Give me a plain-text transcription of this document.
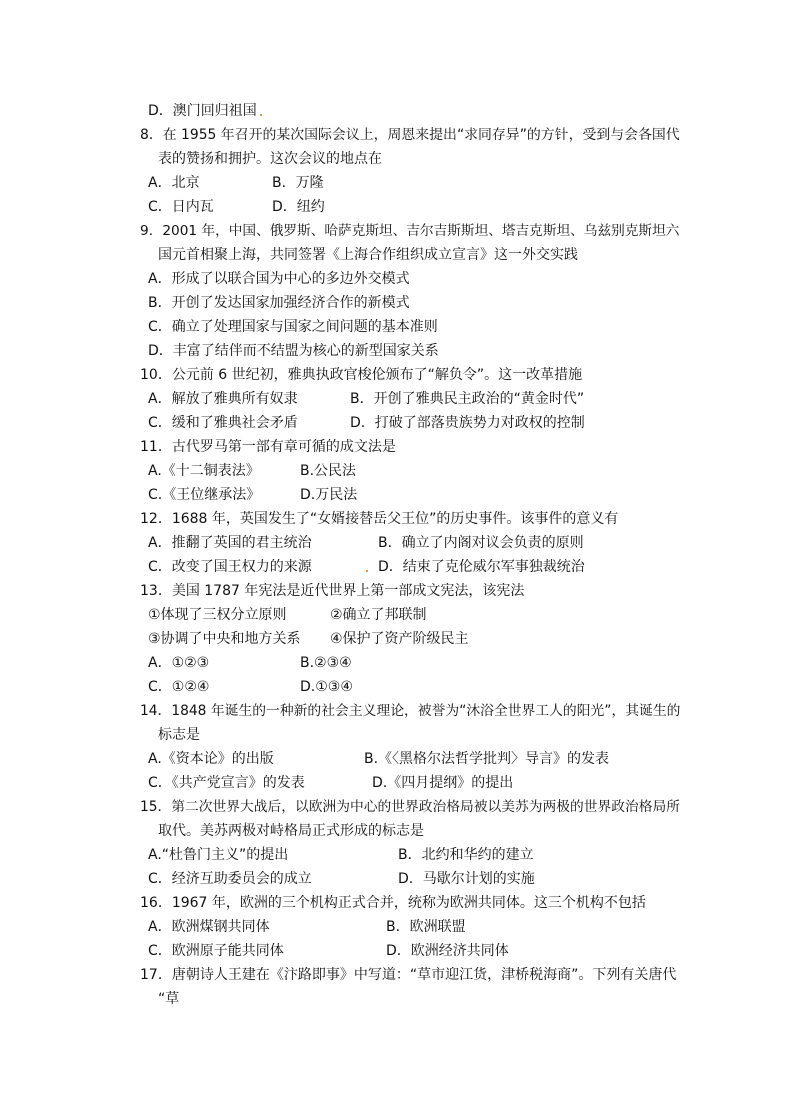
D．澳门回归祖国
8．在 1955 年召开的某次国际会议上，周恩来提出“求同存异”的方针，受到与会各国代
表的赞扬和拥护。这次会议的地点在
A．北京	B．万隆
C．日内瓦	D．纽约
9．2001 年，中国、俄罗斯、哈萨克斯坦、吉尔吉斯斯坦、塔吉克斯坦、乌兹别克斯坦六
国元首相聚上海，共同签署《上海合作组织成立宣言》这一外交实践
A．形成了以联合国为中心的多边外交模式
B．开创了发达国家加强经济合作的新模式
C．确立了处理国家与国家之间问题的基本准则
D．丰富了结伴而不结盟为核心的新型国家关系
10．公元前 6 世纪初，雅典执政官梭伦颁布了“解负令”。这一改革措施
A．解放了雅典所有奴隶	B．开创了雅典民主政治的“黄金时代”
C．缓和了雅典社会矛盾	D．打破了部落贵族势力对政权的控制
11．古代罗马第一部有章可循的成文法是
A.《十二铜表法》	B.公民法
C.《王位继承法》	D.万民法
12．1688 年，英国发生了“女婿接替岳父王位”的历史事件。该事件的意义有
A．推翻了英国的君主统治	B．确立了内阁对议会负责的原则
C．改变了国王权力的来源	D．结束了克伦威尔军事独裁统治
13．美国 1787 年宪法是近代世界上第一部成文宪法，该宪法
①体现了三权分立原则	②确立了邦联制
③协调了中央和地方关系 ④保护了资产阶级民主
A．①②③	B.②③④
C．①②④	D.①③④
14．1848 年诞生的一种新的社会主义理论，被誉为“沐浴全世界工人的阳光”，其诞生的
标志是
A.《资本论》的出版	B.《〈黑格尔法哲学批判〉导言》的发表
C．《共产党宣言》的发表	D.《四月提纲》的提出
15．第二次世界大战后，以欧洲为中心的世界政治格局被以美苏为两极的世界政治格局所
取代。美苏两极对峙格局正式形成的标志是
A.“杜鲁门主义”的提出	B．北约和华约的建立
C．经济互助委员会的成立	D．马歇尔计划的实施
16．1967 年，欧洲的三个机构正式合并，统称为欧洲共同体。这三个机构不包括
A．欧洲煤钢共同体	B．欧洲联盟
C．欧洲原子能共同体	D．欧洲经济共同体
17．唐朝诗人王建在《汴路即事》中写道：“草市迎江货，津桥税海商”。下列有关唐代
“草
